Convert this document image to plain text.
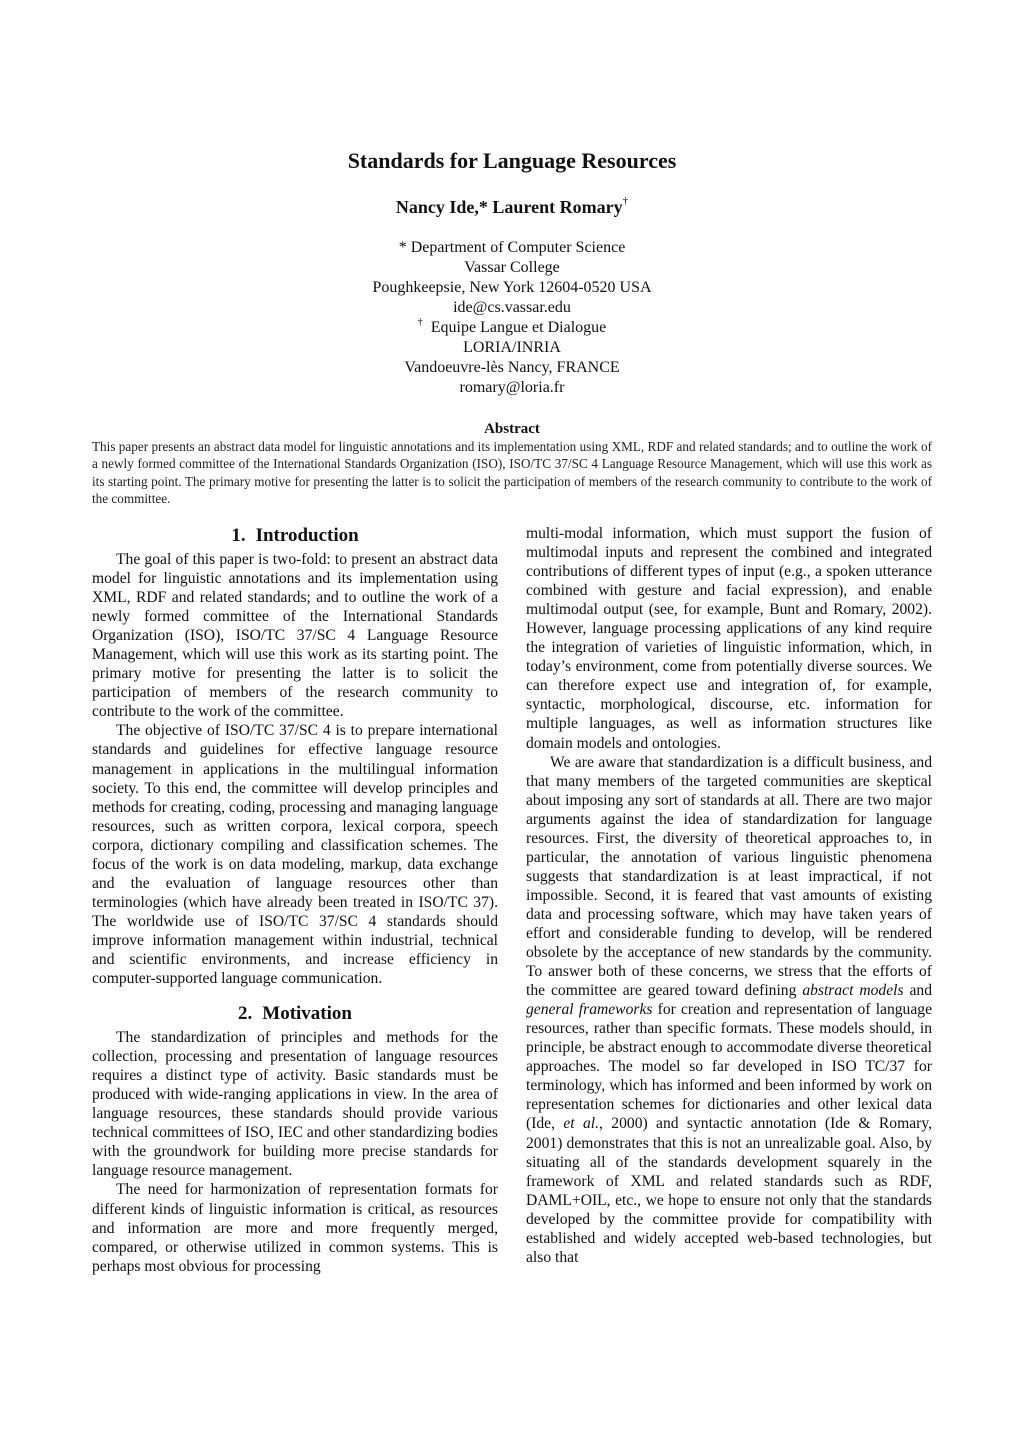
Standards for Language Resources
Nancy Ide,* Laurent Romary†
* Department of Computer Science
Vassar College
Poughkeepsie, New York 12604-0520 USA
ide@cs.vassar.edu
† Equipe Langue et Dialogue
LORIA/INRIA
Vandoeuvre-lès Nancy, FRANCE
romary@loria.fr
Abstract
This paper presents an abstract data model for linguistic annotations and its implementation using XML, RDF and related standards; and to outline the work of a newly formed committee of the International Standards Organization (ISO), ISO/TC 37/SC 4 Language Resource Management, which will use this work as its starting point. The primary motive for presenting the latter is to solicit the participation of members of the research community to contribute to the work of the committee.
1. Introduction

The goal of this paper is two-fold: to present an abstract data model for linguistic annotations and its implementation using XML, RDF and related standards; and to outline the work of a newly formed committee of the International Standards Organization (ISO), ISO/TC 37/SC 4 Language Resource Management, which will use this work as its starting point. The primary motive for presenting the latter is to solicit the participation of members of the research community to contribute to the work of the committee.

The objective of ISO/TC 37/SC 4 is to prepare international standards and guidelines for effective language resource management in applications in the multilingual information society. To this end, the committee will develop principles and methods for creating, coding, processing and managing language resources, such as written corpora, lexical corpora, speech corpora, dictionary compiling and classification schemes. The focus of the work is on data modeling, markup, data exchange and the evaluation of language resources other than terminologies (which have already been treated in ISO/TC 37). The worldwide use of ISO/TC 37/SC 4 standards should improve information management within industrial, technical and scientific environments, and increase efficiency in computer-supported language communication.

2. Motivation

The standardization of principles and methods for the collection, processing and presentation of language resources requires a distinct type of activity. Basic standards must be produced with wide-ranging applications in view. In the area of language resources, these standards should provide various technical committees of ISO, IEC and other standardizing bodies with the groundwork for building more precise standards for language resource management.

The need for harmonization of representation formats for different kinds of linguistic information is critical, as resources and information are more and more frequently merged, compared, or otherwise utilized in common systems. This is perhaps most obvious for processing

multi-modal information, which must support the fusion of multimodal inputs and represent the combined and integrated contributions of different types of input (e.g., a spoken utterance combined with gesture and facial expression), and enable multimodal output (see, for example, Bunt and Romary, 2002). However, language processing applications of any kind require the integration of varieties of linguistic information, which, in today’s environment, come from potentially diverse sources. We can therefore expect use and integration of, for example, syntactic, morphological, discourse, etc. information for multiple languages, as well as information structures like domain models and ontologies.

We are aware that standardization is a difficult business, and that many members of the targeted communities are skeptical about imposing any sort of standards at all. There are two major arguments against the idea of standardization for language resources. First, the diversity of theoretical approaches to, in particular, the annotation of various linguistic phenomena suggests that standardization is at least impractical, if not impossible. Second, it is feared that vast amounts of existing data and processing software, which may have taken years of effort and considerable funding to develop, will be rendered obsolete by the acceptance of new standards by the community. To answer both of these concerns, we stress that the efforts of the committee are geared toward defining abstract models and general frameworks for creation and representation of language resources, rather than specific formats. These models should, in principle, be abstract enough to accommodate diverse theoretical approaches. The model so far developed in ISO TC/37 for terminology, which has informed and been informed by work on representation schemes for dictionaries and other lexical data (Ide, et al., 2000) and syntactic annotation (Ide & Romary, 2001) demonstrates that this is not an unrealizable goal. Also, by situating all of the standards development squarely in the framework of XML and related standards such as RDF, DAML+OIL, etc., we hope to ensure not only that the standards developed by the committee provide for compatibility with established and widely accepted web-based technologies, but also that
